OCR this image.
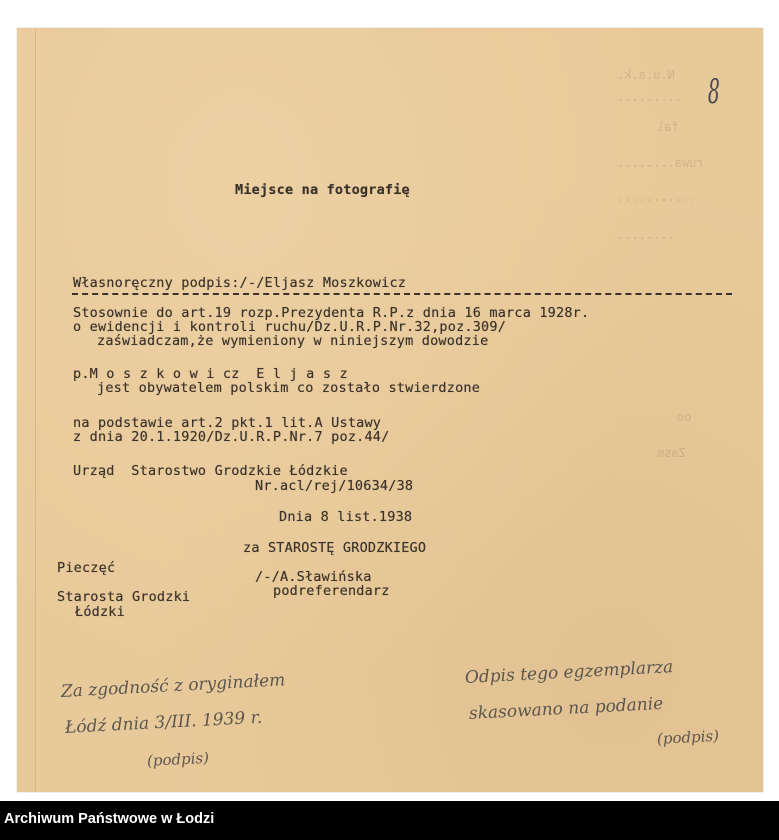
N.u.a.k.
.........
fal
ruwa........
...........
........
oo
Zasm
8
Miejsce na fotografię
Własnoręczny podpis:/-/Eljasz Moszkowicz
Stosownie do art.19 rozp.Prezydenta R.P.z dnia 16 marca 1928r.
o ewidencji i kontroli ruchu/Dz.U.R.P.Nr.32,poz.309/
zaświadczam,że wymieniony w niniejszym dowodzie
p.M o s z k o w i cz  E l j a s z
jest obywatelem polskim co zostało stwierdzone
na podstawie art.2 pkt.1 lit.A Ustawy
z dnia 20.1.1920/Dz.U.R.P.Nr.7 poz.44/
Urząd  Starostwo Grodzkie Łódzkie
Nr.acl/rej/10634/38
Dnia 8 list.1938
za STAROSTĘ GRODZKIEGO
Pieczęć
/-/A.Sławińska
podreferendarz
Starosta Grodzki
Łódzki
Za zgodność z oryginałem
Łódź dnia 3/III. 1939 r.
(podpis)
Odpis tego egzemplarza
skasowano na podanie
(podpis)
Archiwum Państwowe w Łodzi
